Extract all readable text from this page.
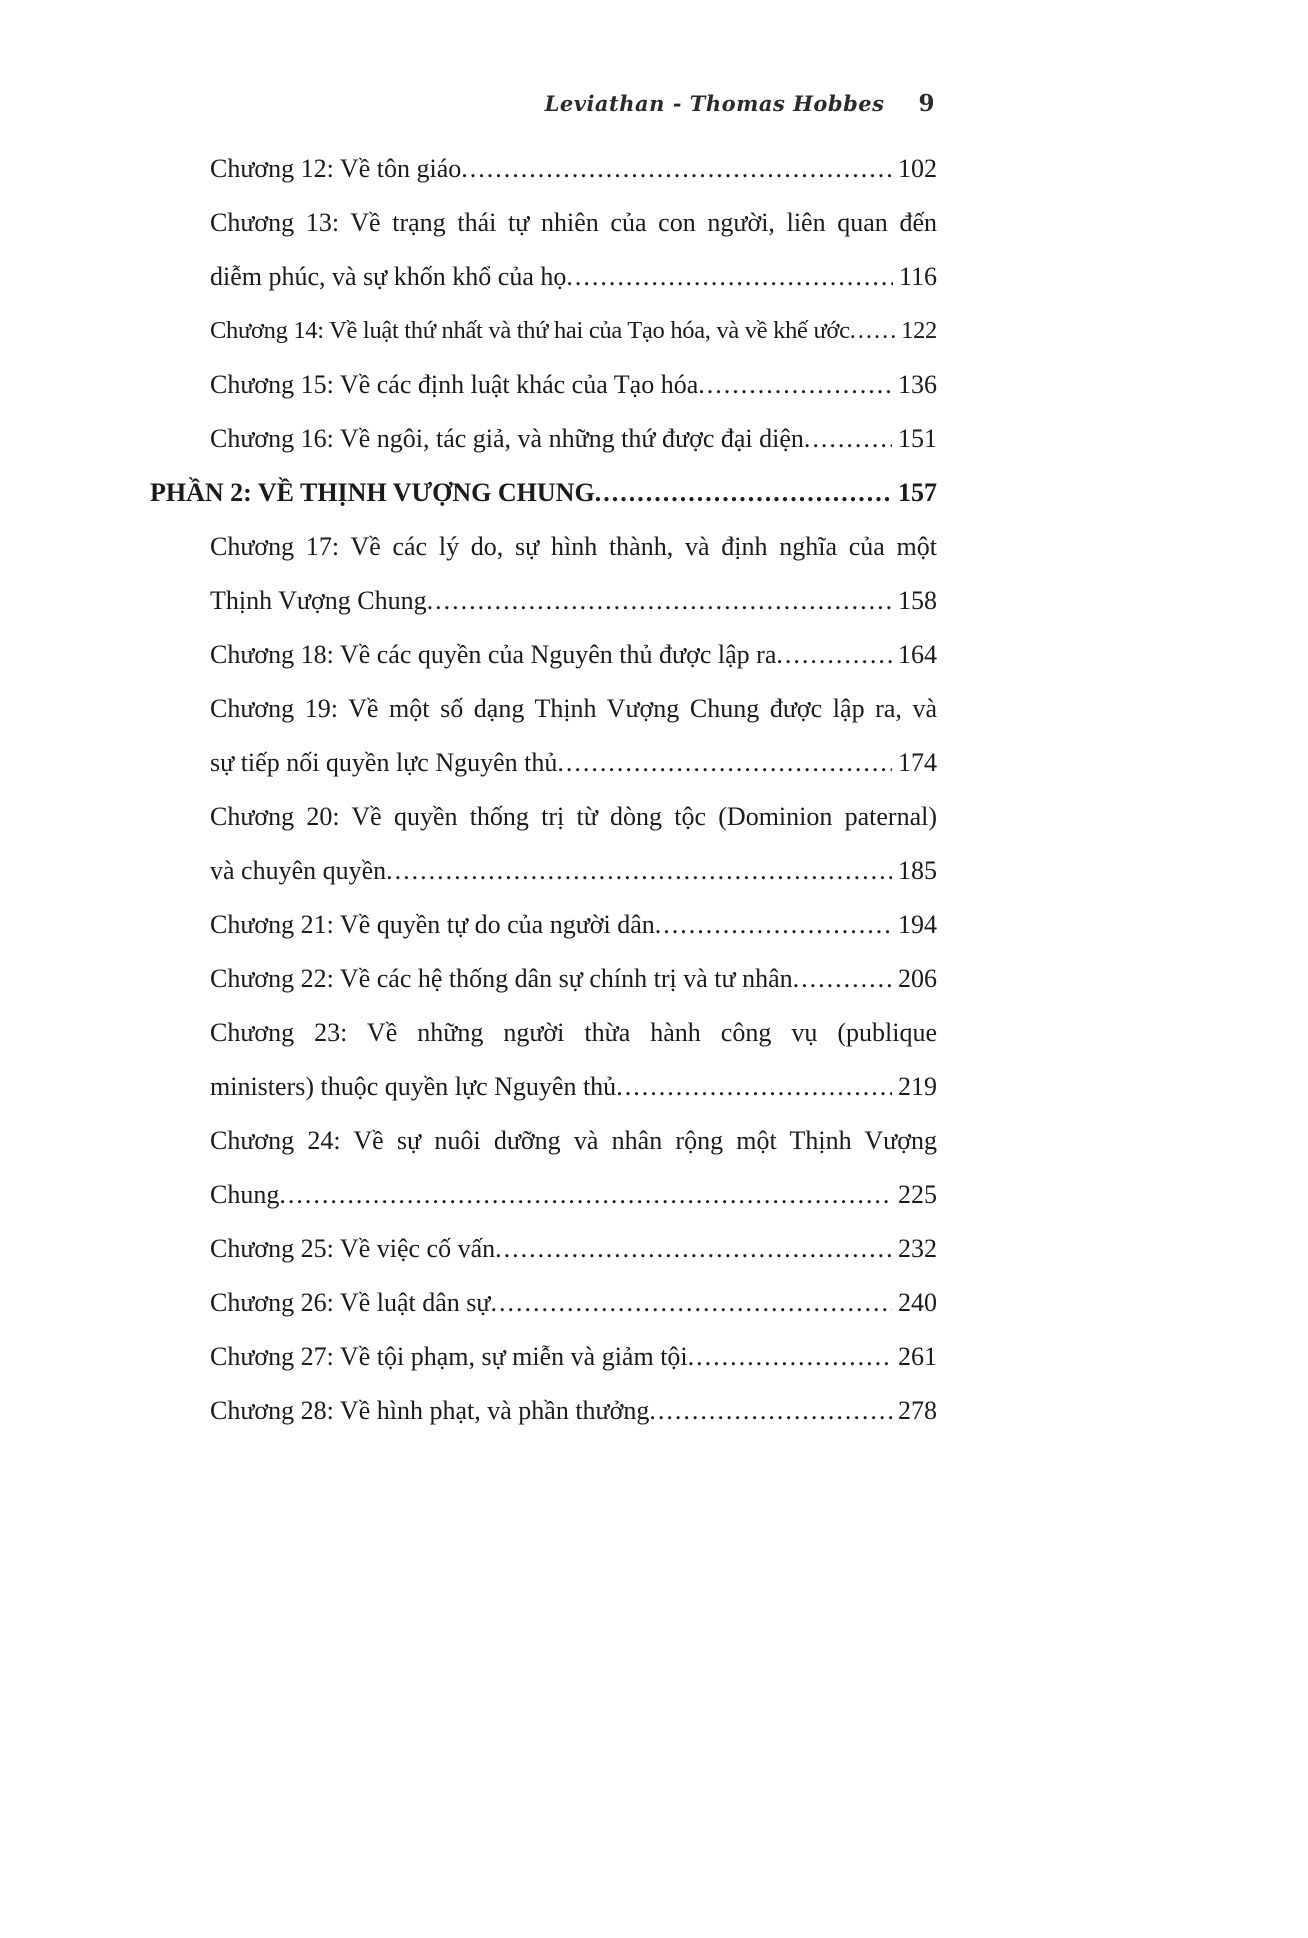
Leviathan - Thomas Hobbes 9
Chương 12: Về tôn giáo .....	102
Chương 13: Về trạng thái tự nhiên của con người, liên quan đến
diễm phúc, và sự khốn khổ của họ .....	116
Chương 14: Về luật thứ nhất và thứ hai của Tạo hóa, và về khế ước ..... 122
Chương 15: Về các định luật khác của Tạo hóa .....	136
Chương 16: Về ngôi, tác giả, và những thứ được đại diện .....	151
PHẦN 2: VỀ THỊNH VƯỢNG CHUNG .....	157
Chương 17: Về các lý do, sự hình thành, và định nghĩa của một
Thịnh Vượng Chung .....	158
Chương 18: Về các quyền của Nguyên thủ được lập ra .....	164
Chương 19: Về một số dạng Thịnh Vượng Chung được lập ra, và
sự tiếp nối quyền lực Nguyên thủ .....	174
Chương 20: Về quyền thống trị từ dòng tộc (Dominion paternal)
và chuyên quyền .....	185
Chương 21: Về quyền tự do của người dân .....	194
Chương 22: Về các hệ thống dân sự chính trị và tư nhân .....	206
Chương 23: Về những người thừa hành công vụ (publique
ministers) thuộc quyền lực Nguyên thủ .....	219
Chương 24: Về sự nuôi dưỡng và nhân rộng một Thịnh Vượng
Chung .....	225
Chương 25: Về việc cố vấn .....	232
Chương 26: Về luật dân sự .....	240
Chương 27: Về tội phạm, sự miễn và giảm tội .....	261
Chương 28: Về hình phạt, và phần thưởng .....	278
